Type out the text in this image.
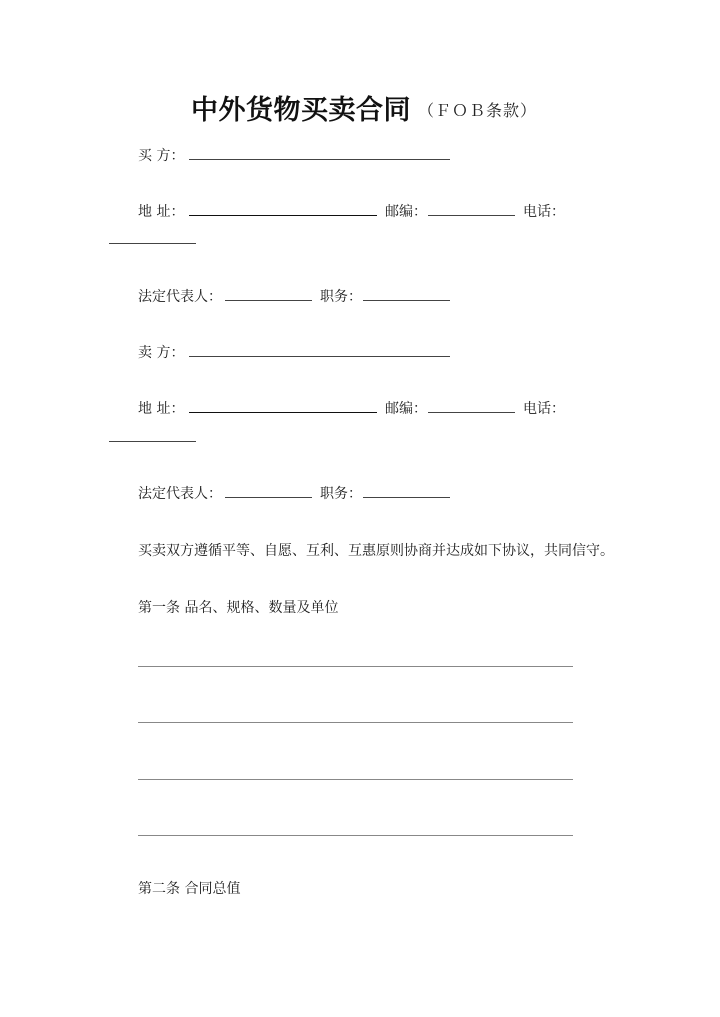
中外货物买卖合同 （ＦＯＢ条款）
买 方：
地 址：	邮编：	电话：
法定代表人：	职务：
卖 方：
地 址：	邮编：	电话：
法定代表人：	职务：
买卖双方遵循平等、自愿、互利、互惠原则协商并达成如下协议，共同信守。
第一条 品名、规格、数量及单位
第二条 合同总值
